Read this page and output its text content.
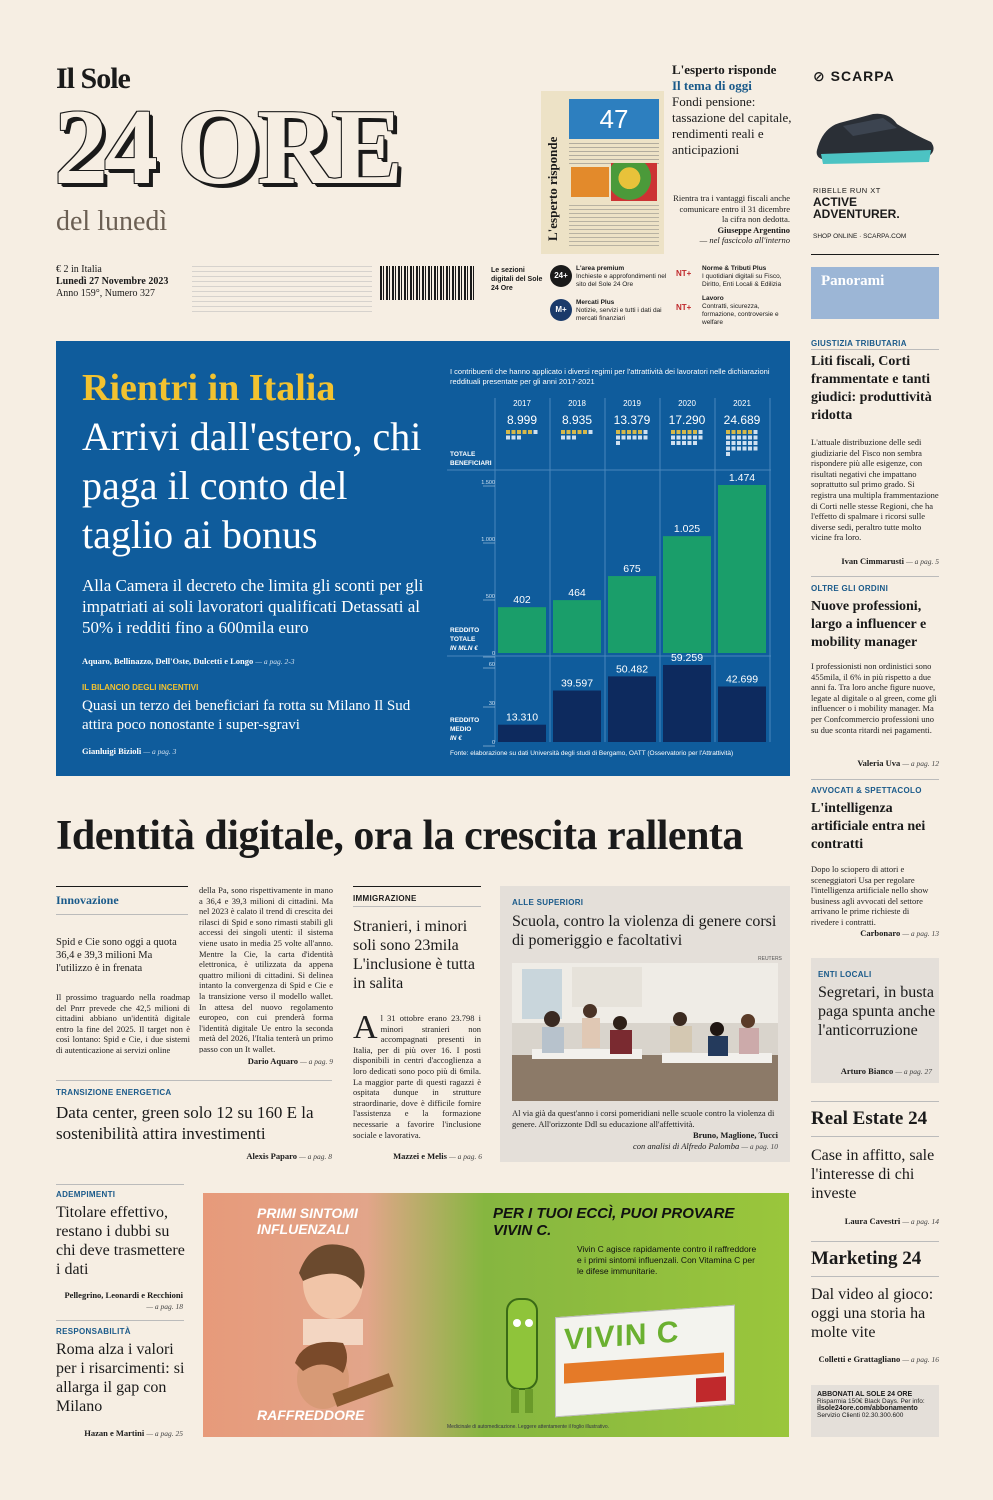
Il Sole
24 ORE
del lunedì
€ 2 in Italia
Lunedì 27 Novembre 2023
Anno 159°, Numero 327
L'esperto risponde
47
L'esperto risponde
Il tema di oggi
Fondi pensione: tassazione del capitale, rendimenti reali e anticipazioni
Rientra tra i vantaggi fiscali anche comunicare entro il 31 dicembre la cifra non dedotta.
Giuseppe Argentino
— nel fascicolo all'interno
⊘ SCARPA
RIBELLE RUN XT
ACTIVE ADVENTURER.
SHOP ONLINE · SCARPA.COM
Le sezioni digitali del Sole 24 Ore
24+
L'area premium
Inchieste e approfondimenti nel sito del Sole 24 Ore
M+
Mercati Plus
Notizie, servizi e tutti i dati dai mercati finanziari
NT+
Norme & Tributi Plus
I quotidiani digitali su Fisco, Diritto, Enti Locali & Edilizia
NT+
Lavoro
Contratti, sicurezza, formazione, controversie e welfare
Rientri in Italia
Arrivi dall'estero, chi paga il conto del taglio ai bonus
Alla Camera il decreto che limita gli sconti per gli impatriati ai soli lavoratori qualificati Detassati al 50% i redditi fino a 600mila euro
Aquaro, Bellinazzo, Dell'Oste, Dulcetti e Longo — a pag. 2-3
IL BILANCIO DEGLI INCENTIVI
Quasi un terzo dei beneficiari fa rotta su Milano Il Sud attira poco nonostante i super-sgravi
Gianluigi Bizioli — a pag. 3
I contribuenti che hanno applicato i diversi regimi per l'attrattività dei lavoratori nelle dichiarazioni reddituali presentate per gli anni 2017-2021
2017
8.999
2018
8.935
2019
13.379
2020
17.290
2021
24.689
TOTALE
BENEFICIARI
1.500
1.000
500
0
402
464
675
1.025
1.474
REDDITO
TOTALE
IN MLN €
60
30
0
13.310
39.597
50.482
59.259
42.699
REDDITO
MEDIO
IN €
Fonte: elaborazione su dati Università degli studi di Bergamo, OATT (Osservatorio per l'Attrattività)
Identità digitale, ora la crescita rallenta
Innovazione
Spid e Cie sono oggi a quota 36,4 e 39,3 milioni Ma l'utilizzo è in frenata
Il prossimo traguardo nella roadmap del Pnrr prevede che 42,5 milioni di cittadini abbiano un'identità digitale entro la fine del 2025. Il target non è così lontano: Spid e Cie, i due sistemi di autenticazione ai servizi online
della Pa, sono rispettivamente in mano a 36,4 e 39,3 milioni di cittadini. Ma nel 2023 è calato il trend di crescita dei rilasci di Spid e sono rimasti stabili gli accessi dei singoli utenti: il sistema viene usato in media 25 volte all'anno. Mentre la Cie, la carta d'identità elettronica, è utilizzata da appena quattro milioni di cittadini. Si delinea intanto la convergenza di Spid e Cie e la transizione verso il modello wallet. In attesa del nuovo regolamento europeo, con cui prenderà forma l'identità digitale Ue entro la seconda metà del 2026, l'Italia tenterà un primo passo con un It wallet.
Dario Aquaro — a pag. 9
TRANSIZIONE ENERGETICA
Data center, green solo 12 su 160 E la sostenibilità attira investimenti
Alexis Paparo — a pag. 8
IMMIGRAZIONE
Stranieri, i minori soli sono 23mila L'inclusione è tutta in salita
Al 31 ottobre erano 23.798 i minori stranieri non accompagnati presenti in Italia, per di più over 16. I posti disponibili in centri d'accoglienza a loro dedicati sono poco più di 6mila. La maggior parte di questi ragazzi è ospitata dunque in strutture straordinarie, dove è difficile fornire l'assistenza e la formazione necessarie a favorire l'inclusione sociale e lavorativa.
Mazzei e Melis — a pag. 6
ALLE SUPERIORI
Scuola, contro la violenza di genere corsi di pomeriggio e facoltativi
REUTERS
Al via già da quest'anno i corsi pomeridiani nelle scuole contro la violenza di genere. All'orizzonte Ddl su educazione all'affettività.
Bruno, Maglione, Tucci
con analisi di Alfredo Palomba — a pag. 10
ADEMPIMENTI
Titolare effettivo, restano i dubbi su chi deve trasmettere i dati
Pellegrino, Leonardi e Recchioni — a pag. 18
RESPONSABILITÀ
Roma alza i valori per i risarcimenti: si allarga il gap con Milano
Hazan e Martini — a pag. 25
PRIMI SINTOMI INFLUENZALI
RAFFREDDORE
PER I TUOI ECCÌ, PUOI PROVARE VIVIN C.
Vivin C agisce rapidamente contro il raffreddore e i primi sintomi influenzali. Con Vitamina C per le difese immunitarie.
VIVIN C
Medicinale di automedicazione. Leggere attentamente il foglio illustrativo.
Panorami
GIUSTIZIA TRIBUTARIA
Liti fiscali, Corti frammentate e tanti giudici: produttività ridotta
L'attuale distribuzione delle sedi giudiziarie del Fisco non sembra rispondere più alle esigenze, con risultati negativi che impattano soprattutto sul primo grado. Si registra una multipla frammentazione di Corti nelle stesse Regioni, che ha l'effetto di spalmare i ricorsi sulle diverse sedi, peraltro tutte molto vicine fra loro.
Ivan Cimmarusti — a pag. 5
OLTRE GLI ORDINI
Nuove professioni, largo a influencer e mobility manager
I professionisti non ordinistici sono 455mila, il 6% in più rispetto a due anni fa. Tra loro anche figure nuove, legate al digitale o al green, come gli influencer o i mobility manager. Ma per Confcommercio professioni uno su due sconta ritardi nei pagamenti.
Valeria Uva — a pag. 12
AVVOCATI & SPETTACOLO
L'intelligenza artificiale entra nei contratti
Dopo lo sciopero di attori e sceneggiatori Usa per regolare l'intelligenza artificiale nello show business agli avvocati del settore arrivano le prime richieste di rivedere i contratti.
Carbonaro — a pag. 13
ENTI LOCALI
Segretari, in busta paga spunta anche l'anticorruzione
Arturo Bianco — a pag. 27
Real Estate 24
Case in affitto, sale l'interesse di chi investe
Laura Cavestri — a pag. 14
Marketing 24
Dal video al gioco: oggi una storia ha molte vite
Colletti e Grattagliano — a pag. 16
ABBONATI AL SOLE 24 ORE
Risparmia 150€ Black Days. Per info:
ilsole24ore.com/abbonamento
Servizio Clienti 02.30.300.600
